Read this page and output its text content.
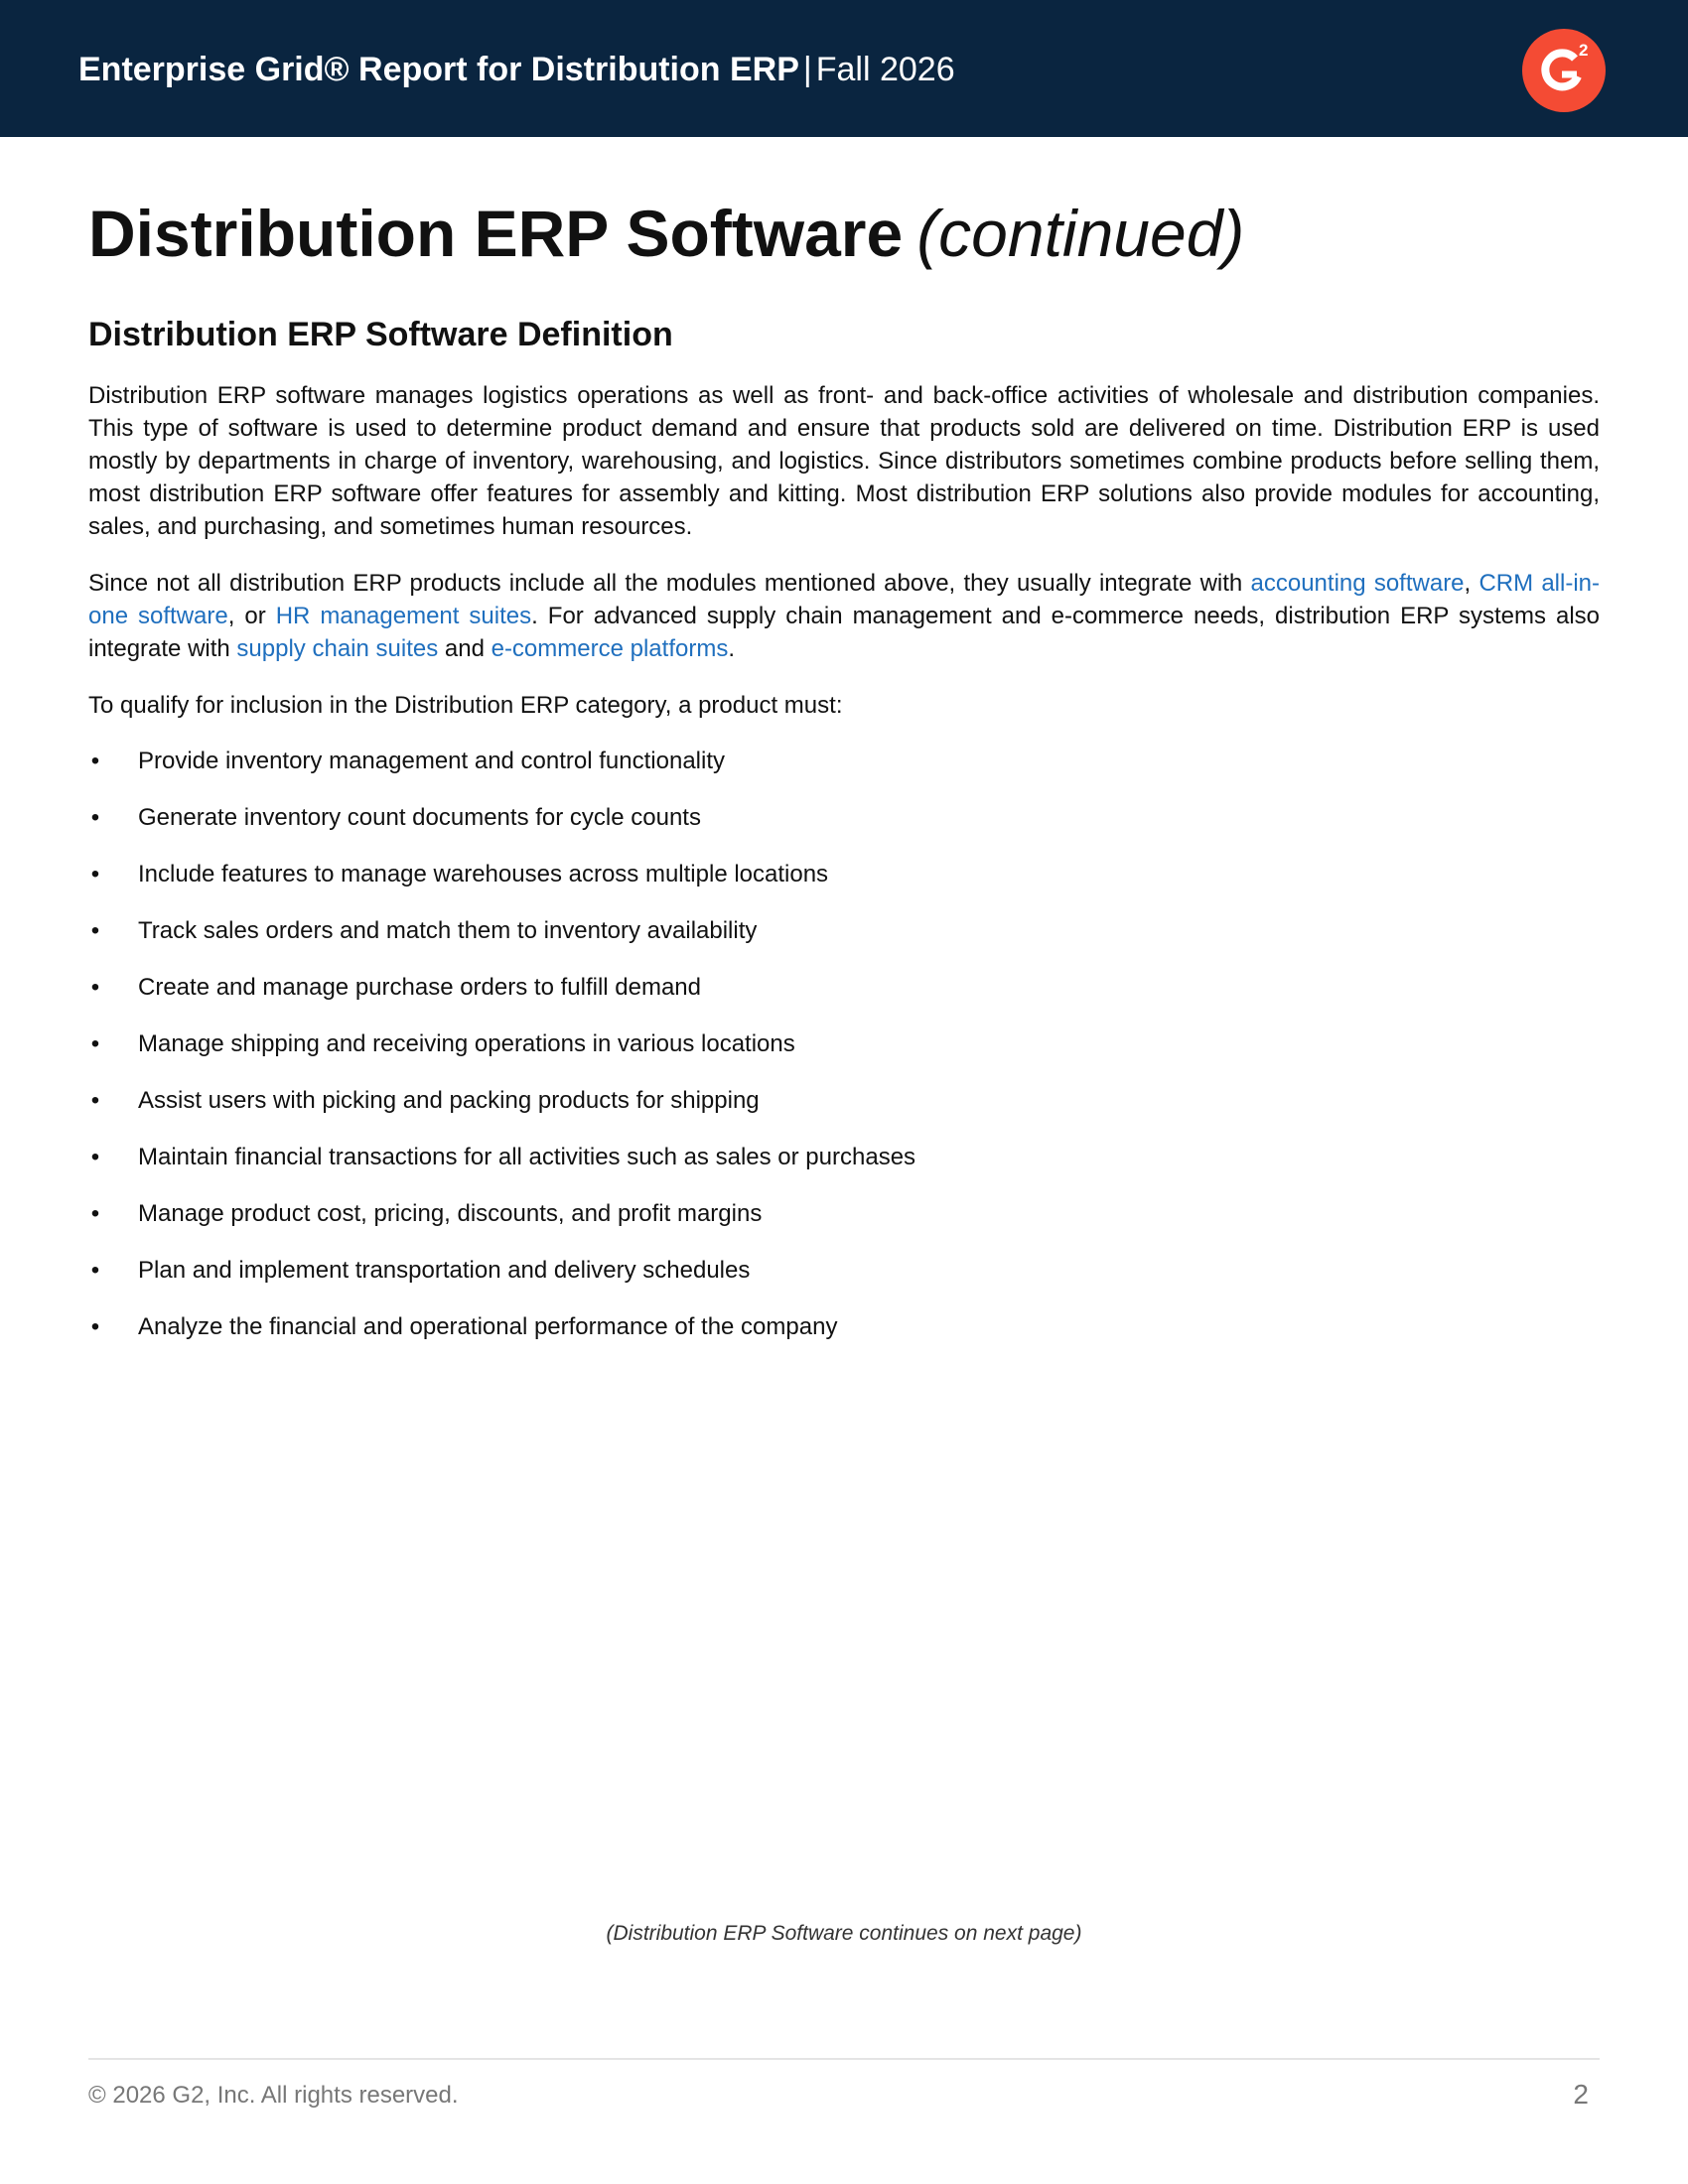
Enterprise Grid® Report for Distribution ERP | Fall 2026
2
Distribution ERP Software (continued)
Distribution ERP Software Definition

Distribution ERP software manages logistics operations as well as front- and back-office activities of wholesale and distribution companies. This type of software is used to determine product demand and ensure that products sold are delivered on time. Distribution ERP is used mostly by departments in charge of inventory, warehousing, and logistics. Since distributors sometimes combine products before selling them, most distribution ERP software offer features for assembly and kitting. Most distribution ERP solutions also provide modules for accounting, sales, and purchasing, and sometimes human resources.

Since not all distribution ERP products include all the modules mentioned above, they usually integrate with accounting software, CRM all-in-one software, or HR management suites. For advanced supply chain management and e-commerce needs, distribution ERP systems also integrate with supply chain suites and e-commerce platforms.

To qualify for inclusion in the Distribution ERP category, a product must:

• Provide inventory management and control functionality
• Generate inventory count documents for cycle counts
• Include features to manage warehouses across multiple locations
• Track sales orders and match them to inventory availability
• Create and manage purchase orders to fulfill demand
• Manage shipping and receiving operations in various locations
• Assist users with picking and packing products for shipping
• Maintain financial transactions for all activities such as sales or purchases
• Manage product cost, pricing, discounts, and profit margins
• Plan and implement transportation and delivery schedules
• Analyze the financial and operational performance of the company
(Distribution ERP Software continues on next page)
© 2026 G2, Inc. All rights reserved.	2
